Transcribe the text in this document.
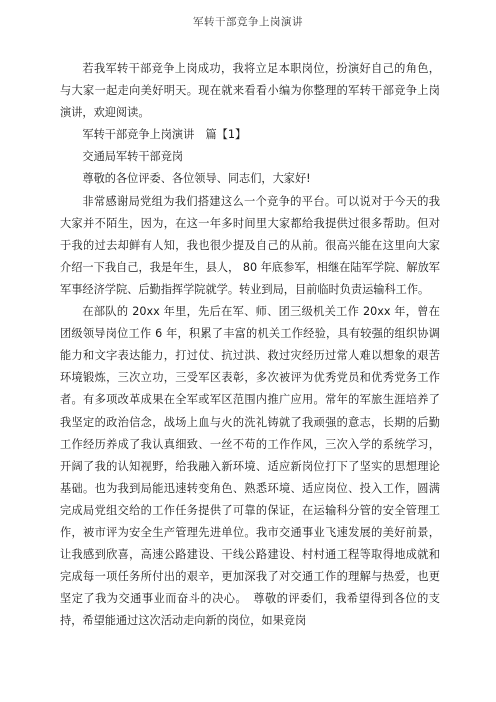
军转干部竞争上岗演讲

若我军转干部竞争上岗成功，我将立足本职岗位，扮演好自己的角色，与大家一起走向美好明天。现在就来看看小编为你整理的军转干部竞争上岗演讲，欢迎阅读。

军转干部竞争上岗演讲　篇【1】

交通局军转干部竞岗

尊敬的各位评委、各位领导、同志们，大家好!

非常感谢局党组为我们搭建这么一个竞争的平台。可以说对于今天的我大家并不陌生，因为，在这一年多时间里大家都给我提供过很多帮助。但对于我的过去却鲜有人知，我也很少提及自己的从前。很高兴能在这里向大家介绍一下我自己，我是年生，县人， 80 年底参军，相继在陆军学院、解放军军事经济学院、后勤指挥学院就学。转业到局，目前临时负责运输科工作。

在部队的 20xx 年里，先后在军、师、团三级机关工作 20xx 年，曾在团级领导岗位工作 6 年，积累了丰富的机关工作经验，具有较强的组织协调能力和文字表达能力，打过仗、抗过洪、救过灾经历过常人难以想象的艰苦环境锻炼，三次立功，三受军区表彰，多次被评为优秀党员和优秀党务工作者。有多项改革成果在全军或军区范围内推广应用。常年的军旅生涯培养了我坚定的政治信念，战场上血与火的洗礼铸就了我顽强的意志，长期的后勤工作经历养成了我认真细致、一丝不苟的工作作风，三次入学的系统学习，开阔了我的认知视野，给我融入新环境、适应新岗位打下了坚实的思想理论基础。也为我到局能迅速转变角色、熟悉环境、适应岗位、投入工作，圆满完成局党组交给的工作任务提供了可靠的保证，在运输科分管的安全管理工作，被市评为安全生产管理先进单位。我市交通事业飞速发展的美好前景，让我感到欣喜，高速公路建设、干线公路建设、村村通工程等取得地成就和完成每一项任务所付出的艰辛，更加深我了对交通工作的理解与热爱，也更坚定了我为交通事业而奋斗的决心。　尊敬的评委们，我希望得到各位的支持，希望能通过这次活动走向新的岗位，如果竞岗
